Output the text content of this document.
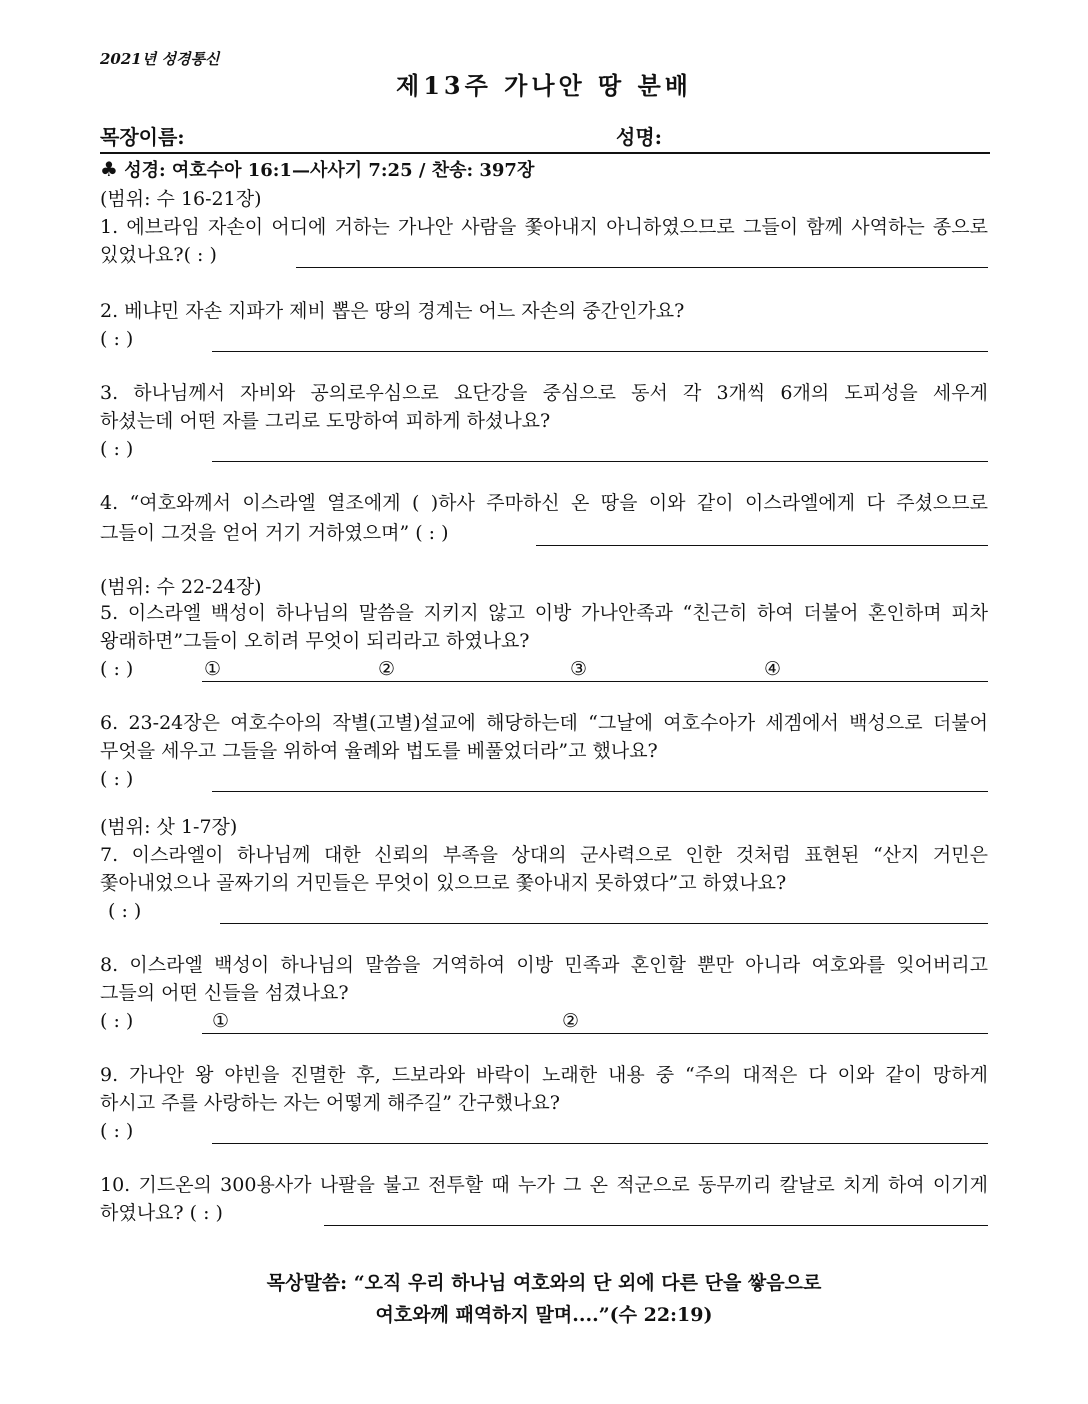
2021년 성경통신
제13주 가나안 땅 분배
목장이름:	성명:
♣ 성경: 여호수아 16:1—사사기 7:25 / 찬송: 397장
(범위: 수 16-21장)
1. 에브라임 자손이 어디에 거하는 가나안 사람을 쫓아내지 아니하였으므로 그들이 함께 사역하는 종으로
있었나요?( : )
2. 베냐민 자손 지파가 제비 뽑은 땅의 경계는 어느 자손의 중간인가요?
( : )
3. 하나님께서 자비와 공의로우심으로 요단강을 중심으로 동서 각 3개씩 6개의 도피성을 세우게
하셨는데 어떤 자를 그리로 도망하여 피하게 하셨나요?
( : )
4. “여호와께서 이스라엘 열조에게 ( )하사 주마하신 온 땅을 이와 같이 이스라엘에게 다 주셨으므로
그들이 그것을 얻어 거기 거하였으며” ( : )
(범위: 수 22-24장)
5. 이스라엘 백성이 하나님의 말씀을 지키지 않고 이방 가나안족과 “친근히 하여 더불어 혼인하며 피차
왕래하면”그들이 오히려 무엇이 되리라고 하였나요?
( : )	①	②	③	④
6. 23-24장은 여호수아의 작별(고별)설교에 해당하는데 “그날에 여호수아가 세겜에서 백성으로 더불어
무엇을 세우고 그들을 위하여 율례와 법도를 베풀었더라”고 했나요?
( : )
(범위: 삿 1-7장)
7. 이스라엘이 하나님께 대한 신뢰의 부족을 상대의 군사력으로 인한 것처럼 표현된 “산지 거민은
쫓아내었으나 골짜기의 거민들은 무엇이 있으므로 쫓아내지 못하였다”고 하였나요?
( : )
8. 이스라엘 백성이 하나님의 말씀을 거역하여 이방 민족과 혼인할 뿐만 아니라 여호와를 잊어버리고
그들의 어떤 신들을 섬겼나요?
( : )	①	②
9. 가나안 왕 야빈을 진멸한 후, 드보라와 바락이 노래한 내용 중 “주의 대적은 다 이와 같이 망하게
하시고 주를 사랑하는 자는 어떻게 해주길” 간구했나요?
( : )
10. 기드온의 300용사가 나팔을 불고 전투할 때 누가 그 온 적군으로 동무끼리 칼날로 치게 하여 이기게
하였나요? ( : )
목상말씀: “오직 우리 하나님 여호와의 단 외에 다른 단을 쌓음으로
여호와께 패역하지 말며....”(수 22:19)
